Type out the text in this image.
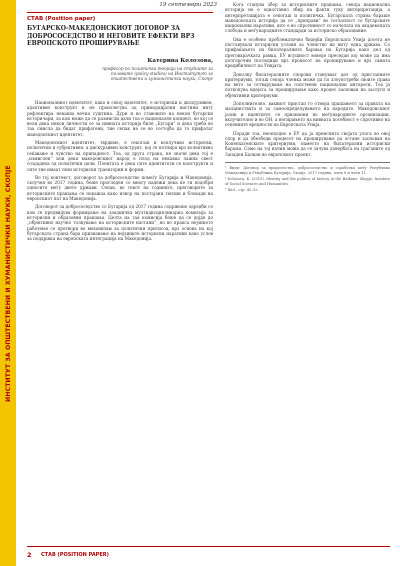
ИНСТИТУТ ЗА ОПШТЕСТВЕНИ И ХУМАНИСТИЧКИ НАУКИ, СКОПЈЕ
19 септември 2023
СТАВ (Position paper)
БУГАРСКО-МАКЕДОНСКИОТ ДОГОВОР ЗА ДОБРОСОСЕДСТВО И НЕГОВИТЕ ЕФЕКТИ ВРЗ ЕВРОПСКОТО ПРОШИРУВАЊЕ
Катерина Колозова,
професор по политичка теорија на студиите за половите (policy studies) на Институтот за општествени и хуманистички науки, Скопје

Националниот идентитет, како и секој идентитет, е историски и дискурзивен, адаптивен конструкт и не произлегува од примордијални вистини ниту рефлектира некаква вечна суштина. Дури и во ставовите на некои бугарски историчари, за кои може да се размисли дали тоа е национален концепт, во кој се вели дека некои личности се за нивната историја биле „Бугари“ и дека треба во таа смисла да бидат прифатени, тие сепак не се во состојба да го прифатат македонскиот идентитет.

Македонскиот идентитет, тврдиме, е секогаш и исклучиво историски, политички и субјективен, а дискурзивен конструкт, кој се потпира врз колективно сеќавање и чувство на припадност. Тоа, од друга страна, не значи дека тој е „измислен“ или дека македонскиот народ е плод на некаква лажна свест создадена од политички цели. Поентата е дека сите идентитети се конструкти и сите тие имаат свои историски траектории и форми.

Во тој контекст, договорот за добрососедство помеѓу Бугарија и Македонија, склучен во 2017 година, беше проследен со многу надежи дека ќе ги подобри односите меѓу двете држави. Сепак, во текот на годините, преговорите за историските прашања се покажаа како извор на постојани тензии и блокади на европскиот пат на Македонија.

Договорот за добрососедство со Бугарија од 2017 година содржеше одредби со кои се предвидува формирање на заедничка мултидисциплинарна комисија за историски и образовни прашања. Целта на таа комисија беше да се дојде до „објективно научно толкување на историските настани“, но во пракса нејзиното работење се претвори во механизам за политички притисок, врз основа на кој бугарската страна бара признавање на нејзините историски наративи како услов за поддршка на европската интеграција на Македонија.

Кога станува збор за историските прашања, секоја национална историја не е едноставно збир на факти туку интерпретација, а интерпретацијата е секогаш и политичка. Бугарската страна бараше македонската историја да се „преправи“ во согласност со бугарските национални наративи, што е во спротивност со начелата на академската слобода и меѓународните стандарди за историско образование.

Ова е особено проблематично бидејќи Европската Унија досега не поставувала историски услови за членство на ниту една држава. Со прифаќањето на билатералните барања на Бугарија како дел од преговарачката рамка, ЕУ всушност воведе преседан кој може да има долгорочни последици врз процесот на проширување и врз самата кредибилност на Унијата.

Доколку билатералните спорови стануваат дел од пристапните критериуми, тогаш секоја членка може да ги злоупотреби своите права на вето за остварување на сопствени национални интереси. Тоа ја поткопува идејата за проширување како процес заснован на заслуги и објективни критериуми.

Дополнително, ваквиот пристап го отвора прашањето за правата на малцинствата и за самоопределувањето на народите. Македонскиот јазик и идентитет се признаени во меѓународните организации, вклучително и во ОН, а негирањето на нивната посебност е спротивно на основните вредности на Европската Унија.

Поради тоа, неопходно е ЕУ да ја преиспита својата улога во овој спор и да обезбеди процесот на проширување да остане заснован на Копенхагенските критериуми, наместо на билатерални историски барања. Само на тој начин може да се зачува довербата на граѓаните од Западен Балкан во европскиот проект.

¹ Види: Договор за пријателство, добрососедство и соработка меѓу Република Македонија и Република Бугарија, Скопје, 2017 година, член 8 и член 11.

² Kolozova, K. (2019). Identity and the politics of history in the Balkans. Skopje: Institute of Social Sciences and Humanities.

³ Ibid., стр. 45–52.

2 СТАВ (POSITION PAPER)
